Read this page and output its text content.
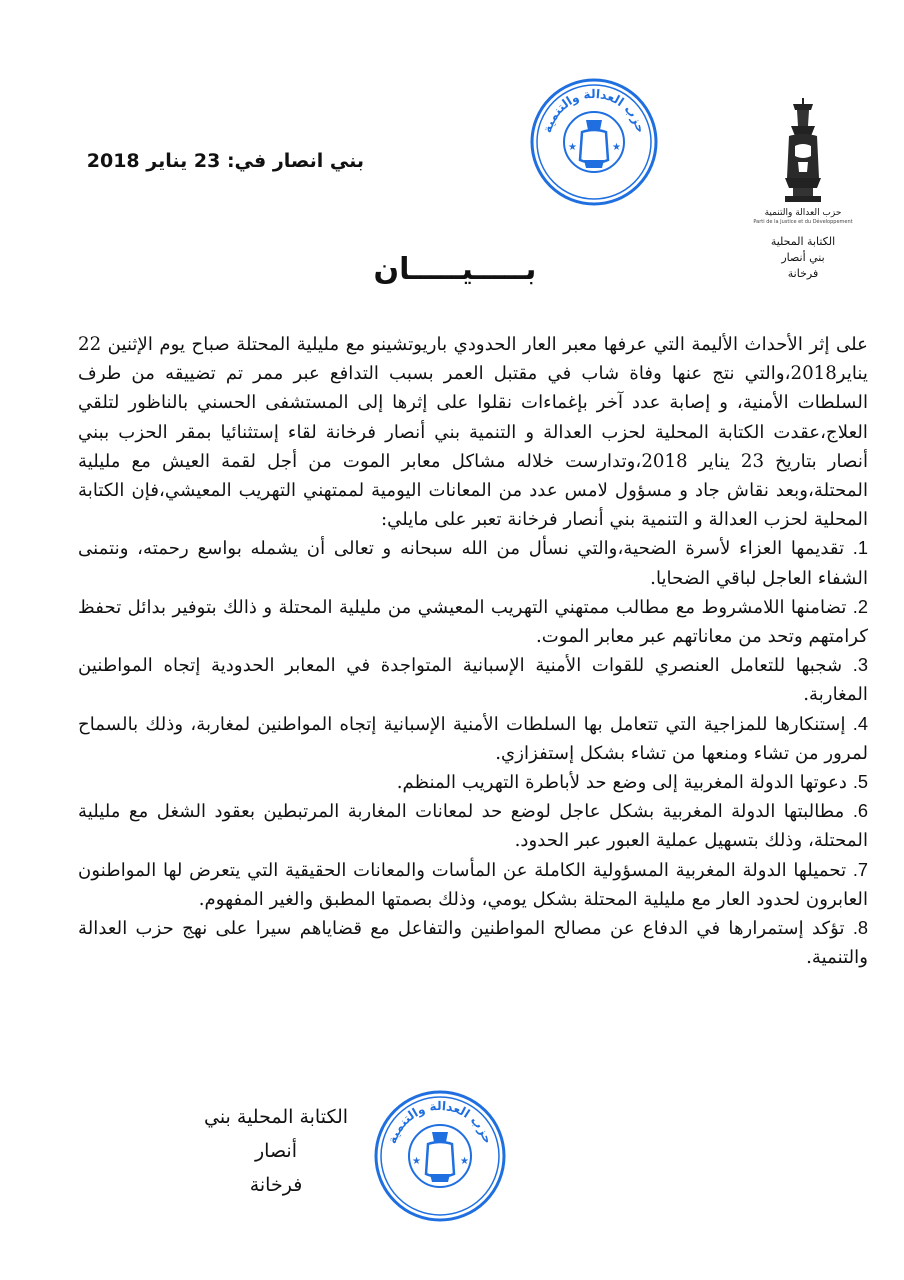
حزب العدالة والتنمية
Parti de la Justice et du Développement
الكتابة المحلية
بني أنصار
فرخانة
حزب العدالة والتنمية
★	★
بني انصار في: 23 يناير 2018
بـــــيـــــان

على إثر الأحداث الأليمة التي عرفها معبر العار الحدودي باريوتشينو مع مليلية المحتلة صباح يوم الإثنين 22 يناير2018،والتي نتج عنها وفاة شاب في مقتبل العمر بسبب التدافع عبر ممر تم تضييقه من طرف السلطات الأمنية، و إصابة عدد آخر بإغماءات نقلوا على إثرها إلى المستشفى الحسني بالناظور لتلقي العلاج،عقدت الكتابة المحلية لحزب العدالة و التنمية بني أنصار فرخانة لقاء إستثنائيا بمقر الحزب ببني أنصار بتاريخ 23 يناير 2018،وتدارست خلاله مشاكل معابر الموت من أجل لقمة العيش مع مليلية المحتلة،وبعد نقاش جاد و مسؤول لامس عدد من المعانات اليومية لممتهني التهريب المعيشي،فإن الكتابة المحلية لحزب العدالة و التنمية بني أنصار فرخانة تعبر على مايلي:

1. تقديمها العزاء لأسرة الضحية،والتي نسأل من الله سبحانه و تعالى أن يشمله بواسع رحمته، ونتمنى الشفاء العاجل لباقي الضحايا.
2. تضامنها اللامشروط مع مطالب ممتهني التهريب المعيشي من مليلية المحتلة و ذالك بتوفير بدائل تحفظ كرامتهم وتحد من معاناتهم عبر معابر الموت.
3. شجبها للتعامل العنصري للقوات الأمنية الإسبانية المتواجدة في المعابر الحدودية إتجاه المواطنين المغاربة.
4. إستنكارها للمزاجية التي تتعامل بها السلطات الأمنية الإسبانية إتجاه المواطنين لمغاربة، وذلك بالسماح لمرور من تشاء ومنعها من تشاء بشكل إستفزازي.
5. دعوتها الدولة المغربية إلى وضع حد لأباطرة التهريب المنظم.
6. مطالبتها الدولة المغربية بشكل عاجل لوضع حد لمعانات المغاربة المرتبطين بعقود الشغل مع مليلية المحتلة، وذلك بتسهيل عملية العبور عبر الحدود.
7. تحميلها الدولة المغربية المسؤولية الكاملة عن المأسات والمعانات الحقيقية التي يتعرض لها المواطنون العابرون لحدود العار مع مليلية المحتلة بشكل يومي، وذلك بصمتها المطبق والغير المفهوم.
8. تؤكد إستمرارها في الدفاع عن مصالح المواطنين والتفاعل مع قضاياهم سيرا على نهج حزب العدالة والتنمية.
الكتابة المحلية بني أنصار
فرخانة
حزب العدالة والتنمية
★	★
